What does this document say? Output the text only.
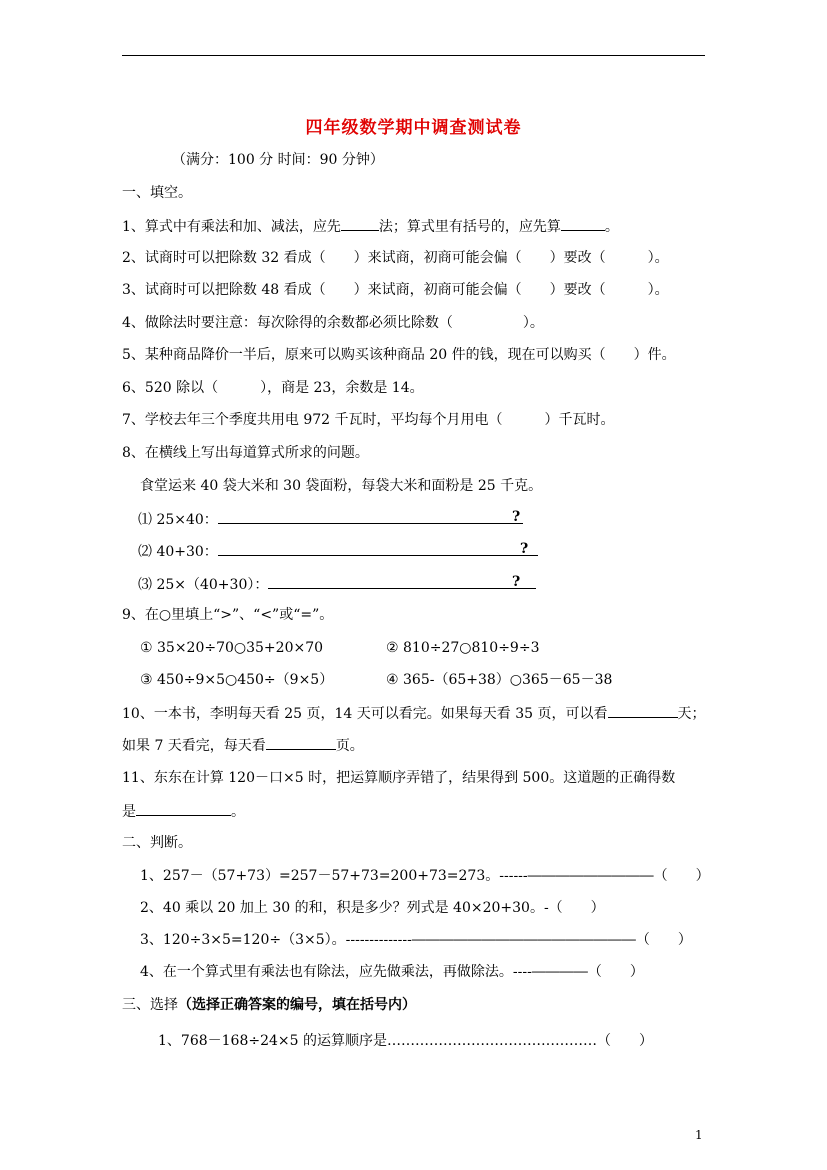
四年级数学期中调查测试卷
（满分：100 分 时间：90 分钟）
一、填空。
1、算式中有乘法和加、减法，应先	法；算式里有括号的，应先算	。
2、试商时可以把除数 32 看成（　　）来试商，初商可能会偏（　　）要改（　　　）。
3、试商时可以把除数 48 看成（　　）来试商，初商可能会偏（　　）要改（　　　）。
4、做除法时要注意：每次除得的余数都必须比除数（　　　　　）。
5、某种商品降价一半后，原来可以购买该种商品 20 件的钱，现在可以购买（　　）件。
6、520 除以（　　　），商是 23，余数是 14。
7、学校去年三个季度共用电 972 千瓦时，平均每个月用电（　　　）千瓦时。
8、在横线上写出每道算式所求的问题。
食堂运来 40 袋大米和 30 袋面粉，每袋大米和面粉是 25 千克。
⑴ 25×40：	?
⑵ 40+30：	?
⑶ 25×（40+30）：	?
9、在○里填上“>”、“<”或“=”。
① 35×20÷70○35+20×70	② 810÷27○810÷9÷3
③ 450÷9×5○450÷（9×5）	④ 365-（65+38）○365－65－38
10、一本书，李明每天看 25 页，14 天可以看完。如果每天看 35 页，可以看	天；
如果 7 天看完，每天看	页。
11、东东在计算 120－口×5 时，把运算顺序弄错了，结果得到 500。这道题的正确得数
是	。
二、判断。
1、257－（57+73）=257－57+73=200+73=273。------―――――――――（　　）
2、40 乘以 20 加上 30 的和，积是多少？列式是 40×20+30。-（　　）
3、120÷3×5=120÷（3×5）。--------------――――――――――――――――（　　）
4、在一个算式里有乘法也有除法，应先做乘法，再做除法。----――――（　　）
三、选择（选择正确答案的编号，填在括号内）
1、768－168÷24×5 的运算顺序是………………………………………（　　）
1
